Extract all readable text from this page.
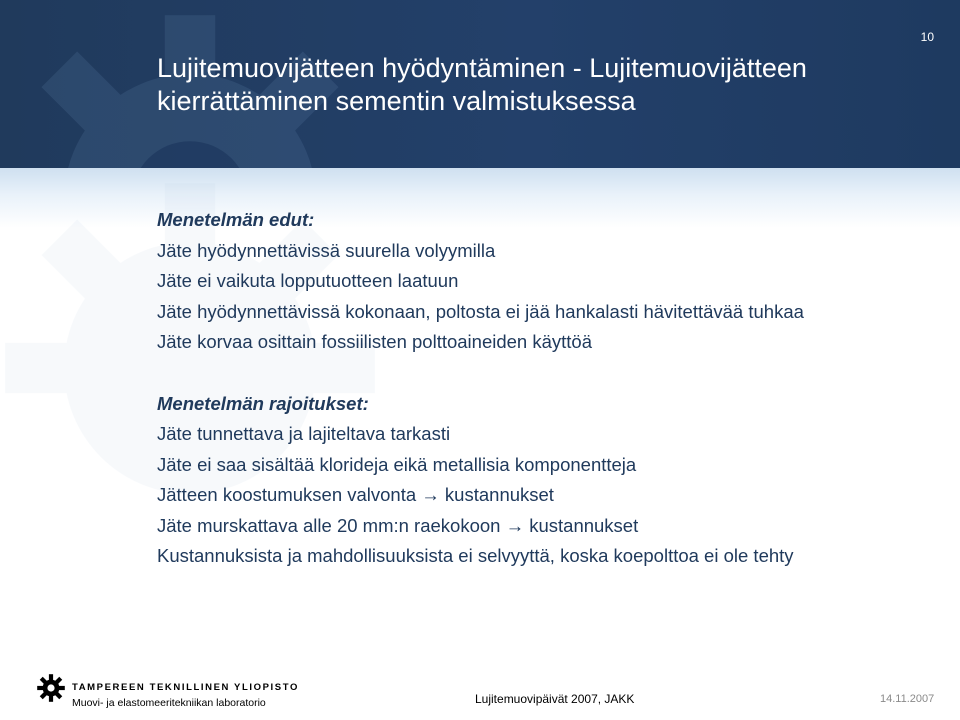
10
Lujitemuovijätteen hyödyntäminen - Lujitemuovijätteen kierrättäminen sementin valmistuksessa
Menetelmän edut:
Jäte hyödynnettävissä suurella volyymilla
Jäte ei vaikuta lopputuotteen laatuun
Jäte hyödynnettävissä kokonaan, poltosta ei jää hankalasti hävitettävää tuhkaa
Jäte korvaa osittain fossiilisten polttoaineiden käyttöä
Menetelmän rajoitukset:
Jäte tunnettava ja lajiteltava tarkasti
Jäte ei saa sisältää klorideja eikä metallisia komponentteja
Jätteen koostumuksen valvonta → kustannukset
Jäte murskattava alle 20 mm:n raekokoon → kustannukset
Kustannuksista ja mahdollisuuksista ei selvyyttä, koska koepolttoa ei ole tehty
TAMPEREEN TEKNILLINEN YLIOPISTO
Muovi- ja elastomeeritekniikan laboratorio	Lujitemuovipäivät 2007, JAKK	14.11.2007
